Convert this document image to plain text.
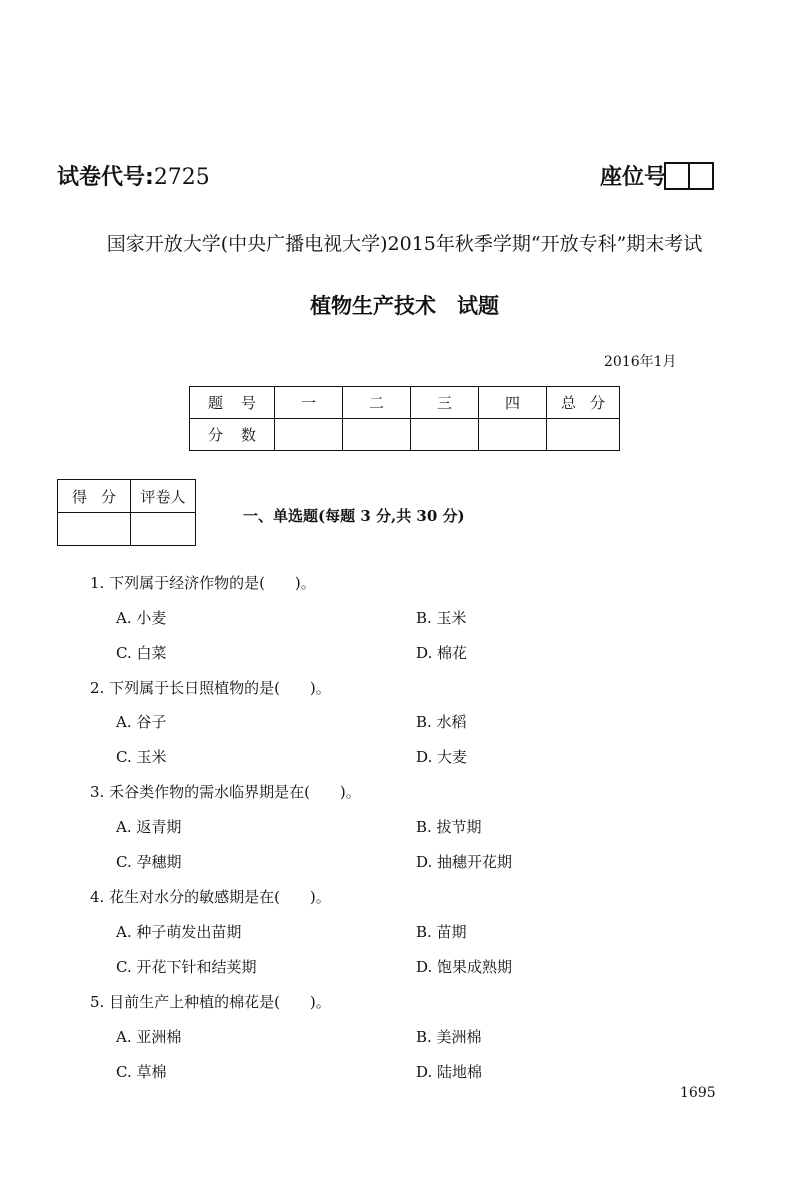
试卷代号:2725	座位号
国家开放大学(中央广播电视大学)2015年秋季学期“开放专科”期末考试
植物生产技术　试题
2016年1月
题号	一	二	三	四	总分
分数					
得分	评卷人

一、单选题(每题 3 分,共 30 分)
1. 下列属于经济作物的是(　　)。
A. 小麦	B. 玉米
C. 白菜	D. 棉花
2. 下列属于长日照植物的是(　　)。
A. 谷子	B. 水稻
C. 玉米	D. 大麦
3. 禾谷类作物的需水临界期是在(　　)。
A. 返青期	B. 拔节期
C. 孕穗期	D. 抽穗开花期
4. 花生对水分的敏感期是在(　　)。
A. 种子萌发出苗期	B. 苗期
C. 开花下针和结荚期	D. 饱果成熟期
5. 目前生产上种植的棉花是(　　)。
A. 亚洲棉	B. 美洲棉
C. 草棉	D. 陆地棉
1695
